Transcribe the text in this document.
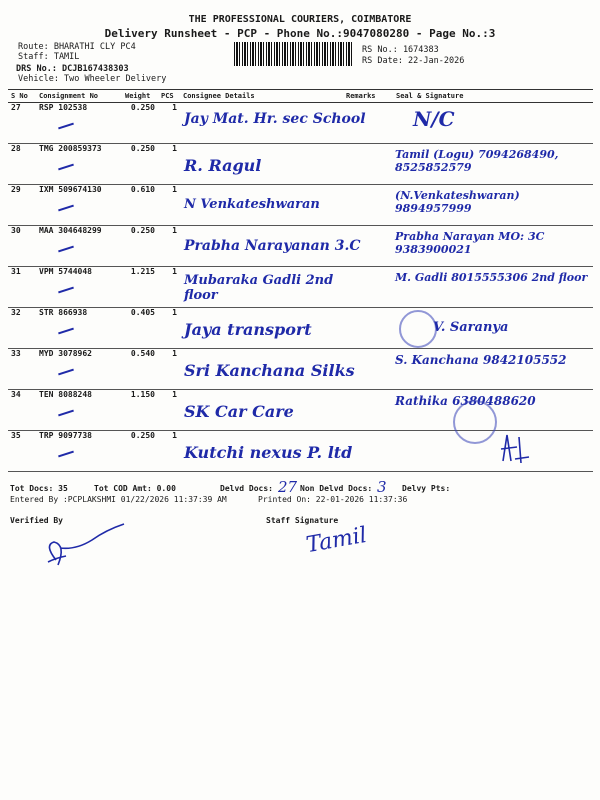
THE PROFESSIONAL COURIERS, COIMBATORE
Delivery Runsheet - PCP - Phone No.:9047080280 - Page No.:3
Route: BHARATHI CLY PC4
Staff: TAMIL
DRS No.: DCJB167438303
Vehicle: Two Wheeler Delivery
RS No.: 1674383
RS Date: 22-Jan-2026
S No	Consignment No	Weight	PCS	Consignee Details	Remarks	Seal & Signature
27	RSP 102538	0.250	1	Jay Mat. Hr. sec School		N/C

28	TMG 200859373	0.250	1	R. Ragul		Tamil (Logu) 7094268490, 8525852579

29	IXM 509674130	0.610	1	N Venkateshwaran		(N.Venkateshwaran) 9894957999

30	MAA 304648299	0.250	1	Prabha Narayanan 3.C		Prabha Narayan MO: 3C 9383900021

31	VPM 5744048	1.215	1	Mubaraka Gadli 2nd floor		M. Gadli 8015555306 2nd floor

32	STR 866938	0.405	1	Jaya transport		V. Saranya

33	MYD 3078962	0.540	1	Sri Kanchana Silks		S. Kanchana 9842105552

34	TEN 8088248	1.150	1	SK Car Care		Rathika 6380488620

35	TRP 9097738	0.250	1	Kutchi nexus P. ltd

Tot Docs: 35	Tot COD Amt: 0.00	Delvd Docs: 27 Non Delvd Docs: 3 Delvy Pts:
Entered By :PCPLAKSHMI 01/22/2026 11:37:39 AM	Printed On: 22-01-2026 11:37:36
Verified By	Staff Signature
Tamil
